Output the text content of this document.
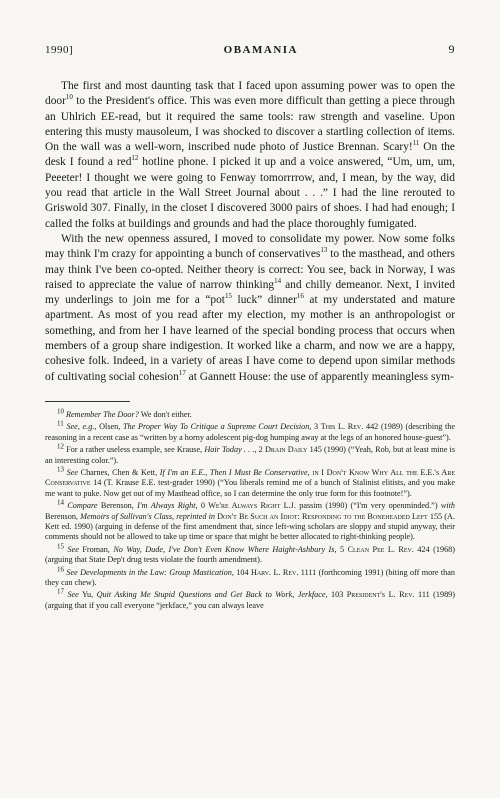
1990]	OBAMANIA	9

The first and most daunting task that I faced upon assuming power was to open the door$^{10}$ to the President's office. This was even more difficult than getting a piece through an Uhlrich EE-read, but it required the same tools: raw strength and vaseline. Upon entering this musty mausoleum, I was shocked to discover a startling collection of items. On the wall was a well-worn, inscribed nude photo of Justice Brennan. Scary!$^{11}$ On the desk I found a red$^{12}$ hotline phone. I picked it up and a voice answered, “Um, um, um, Peeeter! I thought we were going to Fenway tomorrrrow, and, I mean, by the way, did you read that article in the Wall Street Journal about . . .” I had the line rerouted to Griswold 307. Finally, in the closet I discovered 3000 pairs of shoes. I had had enough; I called the folks at buildings and grounds and had the place thoroughly fumigated.

With the new openness assured, I moved to consolidate my power. Now some folks may think I'm crazy for appointing a bunch of conservatives$^{13}$ to the masthead, and others may think I've been co-opted. Neither theory is correct: You see, back in Norway, I was raised to appreciate the value of narrow thinking$^{14}$ and chilly demeanor. Next, I invited my underlings to join me for a “pot$^{15}$ luck” dinner$^{16}$ at my understated and mature apartment. As most of you read after my election, my mother is an anthropologist or something, and from her I have learned of the special bonding process that occurs when members of a group share indigestion. It worked like a charm, and now we are a happy, cohesive folk. Indeed, in a variety of areas I have come to depend upon similar methods of cultivating social cohesion$^{17}$ at Gannett House: the use of apparently meaningless sym-

$^{10}$ Remember The Door? We don't either.

$^{11}$ See, e.g., Olsen, The Proper Way To Critique a Supreme Court Decision, 3 This L. Rev. 442 (1989) (describing the reasoning in a recent case as “written by a horny adolescent pig-dog humping away at the legs of an honored house-guest”).

$^{12}$ For a rather useless example, see Krause, Hair Today . . ., 2 Drain Daily 145 (1990) (“Yeah, Rob, but at least mine is an interesting color.”).

$^{13}$ See Charnes, Chen & Kett, If I'm an E.E., Then I Must Be Conservative, in I Don't Know Why All the E.E.'s Are Conservative 14 (T. Krause E.E. test-grader 1990) (“You liberals remind me of a bunch of Stalinist elitists, and you make me want to puke. Now get out of my Masthead office, so I can determine the only true form for this footnote!”).

$^{14}$ Compare Berenson, I'm Always Right, 0 We're Always Right L.J. passim (1990) (“I'm very openminded.”) with Berenson, Memoirs of Sullivan's Class, reprinted in Don't Be Such an Idiot: Responding to the Boneheaded Left 155 (A. Kett ed. 1990) (arguing in defense of the first amendment that, since left-wing scholars are sloppy and stupid anyway, their comments should not be allowed to take up time or space that might be better allocated to right-thinking people).

$^{15}$ See Froman, No Way, Dude, I've Don't Even Know Where Haight-Ashbury Is, 5 Clean Pee L. Rev. 424 (1968) (arguing that State Dep't drug tests violate the fourth amendment).

$^{16}$ See Developments in the Law: Group Mastication, 104 Harv. L. Rev. 1111 (forthcoming 1991) (biting off more than they can chew).

$^{17}$ See Yu, Quit Asking Me Stupid Questions and Get Back to Work, Jerkface, 103 President's L. Rev. 111 (1989) (arguing that if you call everyone “jerkface,” you can always leave
